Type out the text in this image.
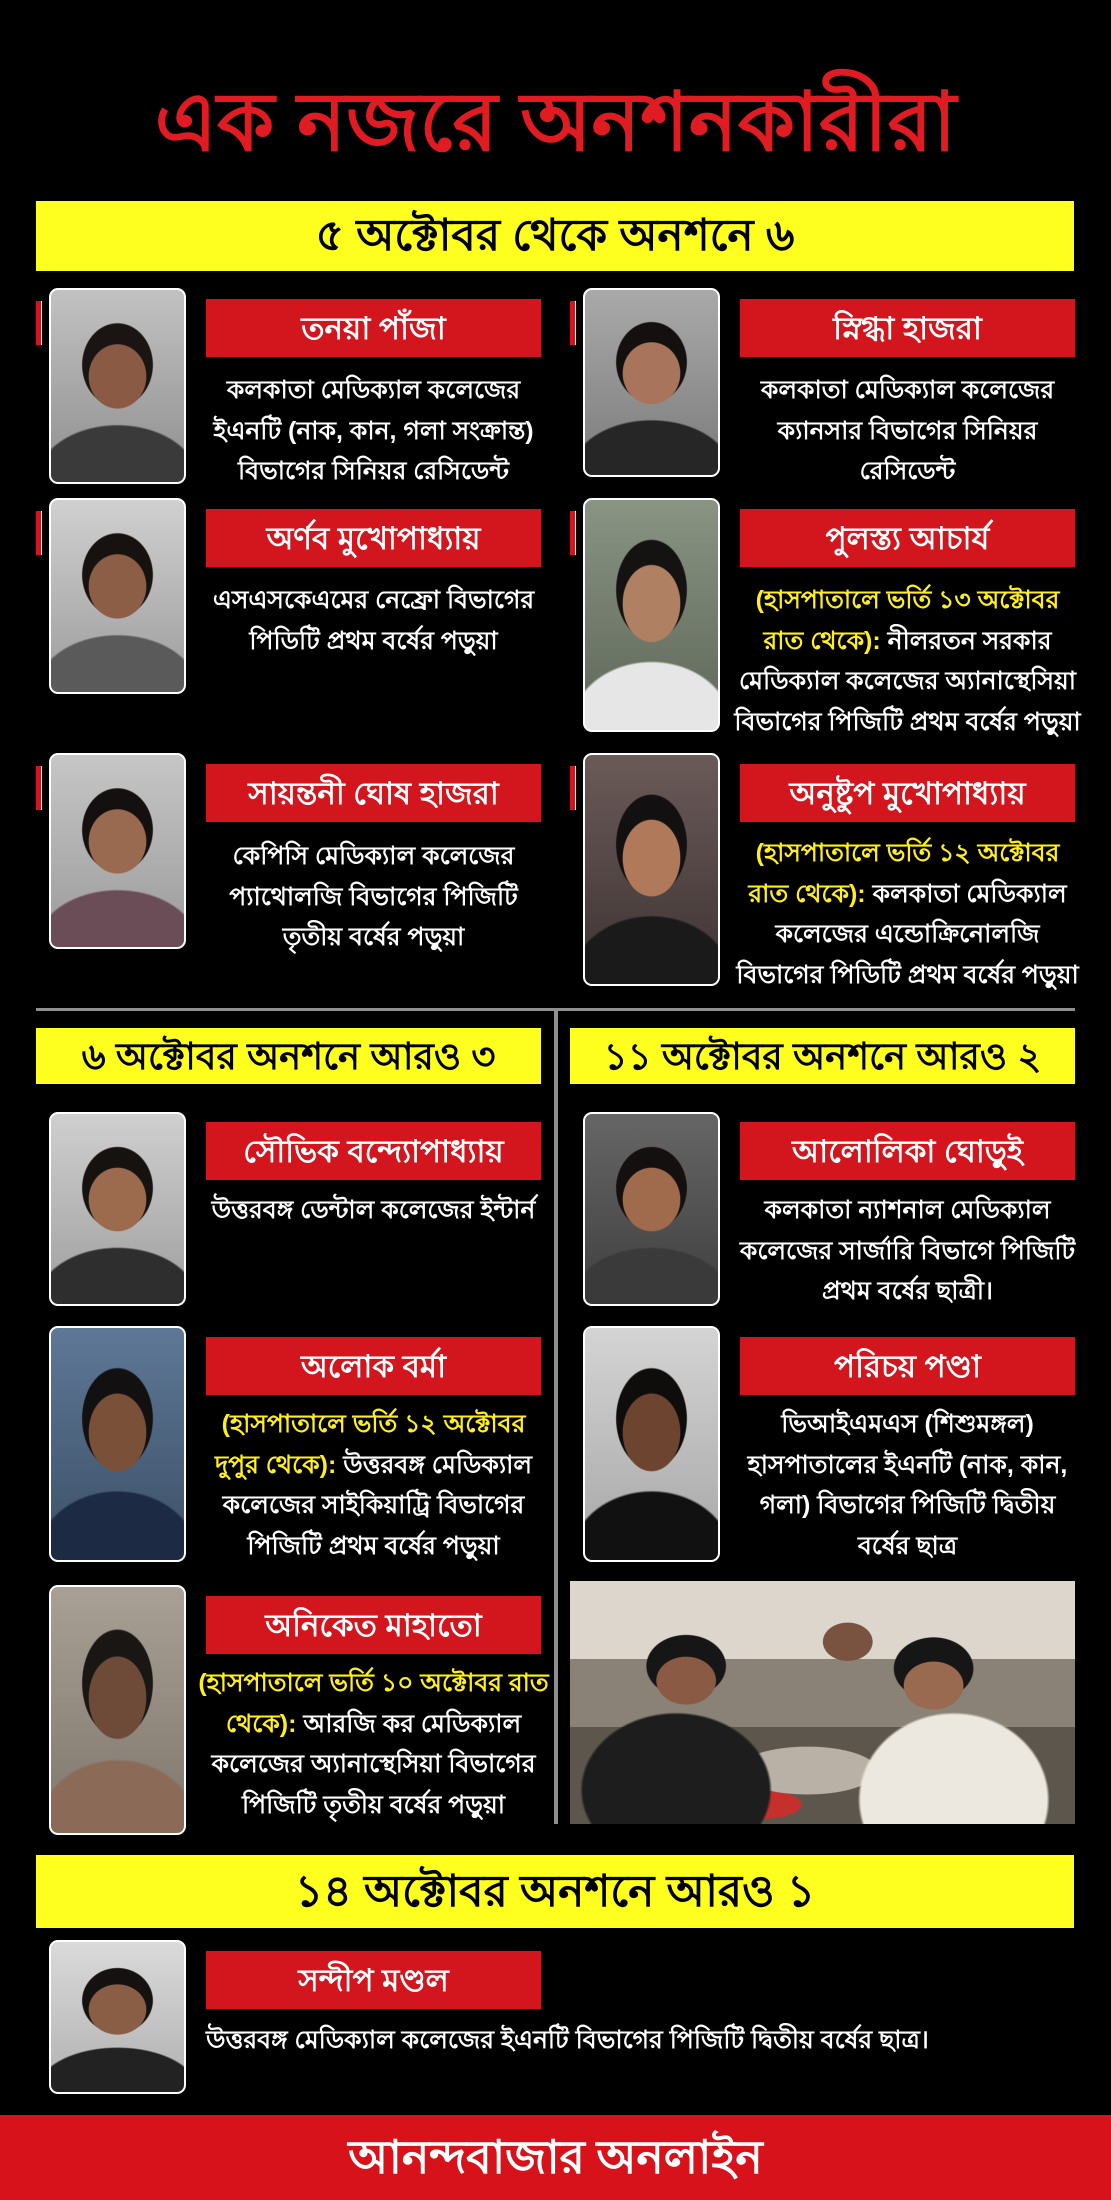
এক নজরে অনশনকারীরা
৫ অক্টোবর থেকে অনশনে ৬
তনয়া পাঁজা
কলকাতা মেডিক্যাল কলেজের
ইএনটি (নাক, কান, গলা সংক্রান্ত)
বিভাগের সিনিয়র রেসিডেন্ট
স্নিগ্ধা হাজরা
কলকাতা মেডিক্যাল কলেজের
ক্যানসার বিভাগের সিনিয়র
রেসিডেন্ট
অর্ণব মুখোপাধ্যায়
এসএসকেএমের নেফ্রো বিভাগের
পিডিটি প্রথম বর্ষের পড়ুয়া
পুলস্ত্য আচার্য
(হাসপাতালে ভর্তি ১৩ অক্টোবর
রাত থেকে): নীলরতন সরকার
মেডিক্যাল কলেজের অ্যানাস্থেসিয়া
বিভাগের পিজিটি প্রথম বর্ষের পড়ুয়া
সায়ন্তনী ঘোষ হাজরা
কেপিসি মেডিক্যাল কলেজের
প্যাথোলজি বিভাগের পিজিটি
তৃতীয় বর্ষের পড়ুয়া
অনুষ্টুপ মুখোপাধ্যায়
(হাসপাতালে ভর্তি ১২ অক্টোবর
রাত থেকে): কলকাতা মেডিক্যাল
কলেজের এন্ডোক্রিনোলজি
বিভাগের পিডিটি প্রথম বর্ষের পড়ুয়া
৬ অক্টোবর অনশনে আরও ৩	১১ অক্টোবর অনশনে আরও ২
সৌভিক বন্দ্যোপাধ্যায়
উত্তরবঙ্গ ডেন্টাল কলেজের ইন্টার্ন
অলোক বর্মা
(হাসপাতালে ভর্তি ১২ অক্টোবর
দুপুর থেকে): উত্তরবঙ্গ মেডিক্যাল
কলেজের সাইকিয়াট্রি বিভাগের
পিজিটি প্রথম বর্ষের পড়ুয়া
অনিকেত মাহাতো
(হাসপাতালে ভর্তি ১০ অক্টোবর রাত
থেকে): আরজি কর মেডিক্যাল
কলেজের অ্যানাস্থেসিয়া বিভাগের
পিজিটি তৃতীয় বর্ষের পড়ুয়া
আলোলিকা ঘোড়ুই
কলকাতা ন্যাশনাল মেডিক্যাল
কলেজের সার্জারি বিভাগে পিজিটি
প্রথম বর্ষের ছাত্রী।
পরিচয় পণ্ডা
ভিআইএমএস (শিশুমঙ্গল)
হাসপাতালের ইএনটি (নাক, কান,
গলা) বিভাগের পিজিটি দ্বিতীয়
বর্ষের ছাত্র
১৪ অক্টোবর অনশনে আরও ১
সন্দীপ মণ্ডল
উত্তরবঙ্গ মেডিক্যাল কলেজের ইএনটি বিভাগের পিজিটি দ্বিতীয় বর্ষের ছাত্র।
আনন্দবাজার অনলাইন
